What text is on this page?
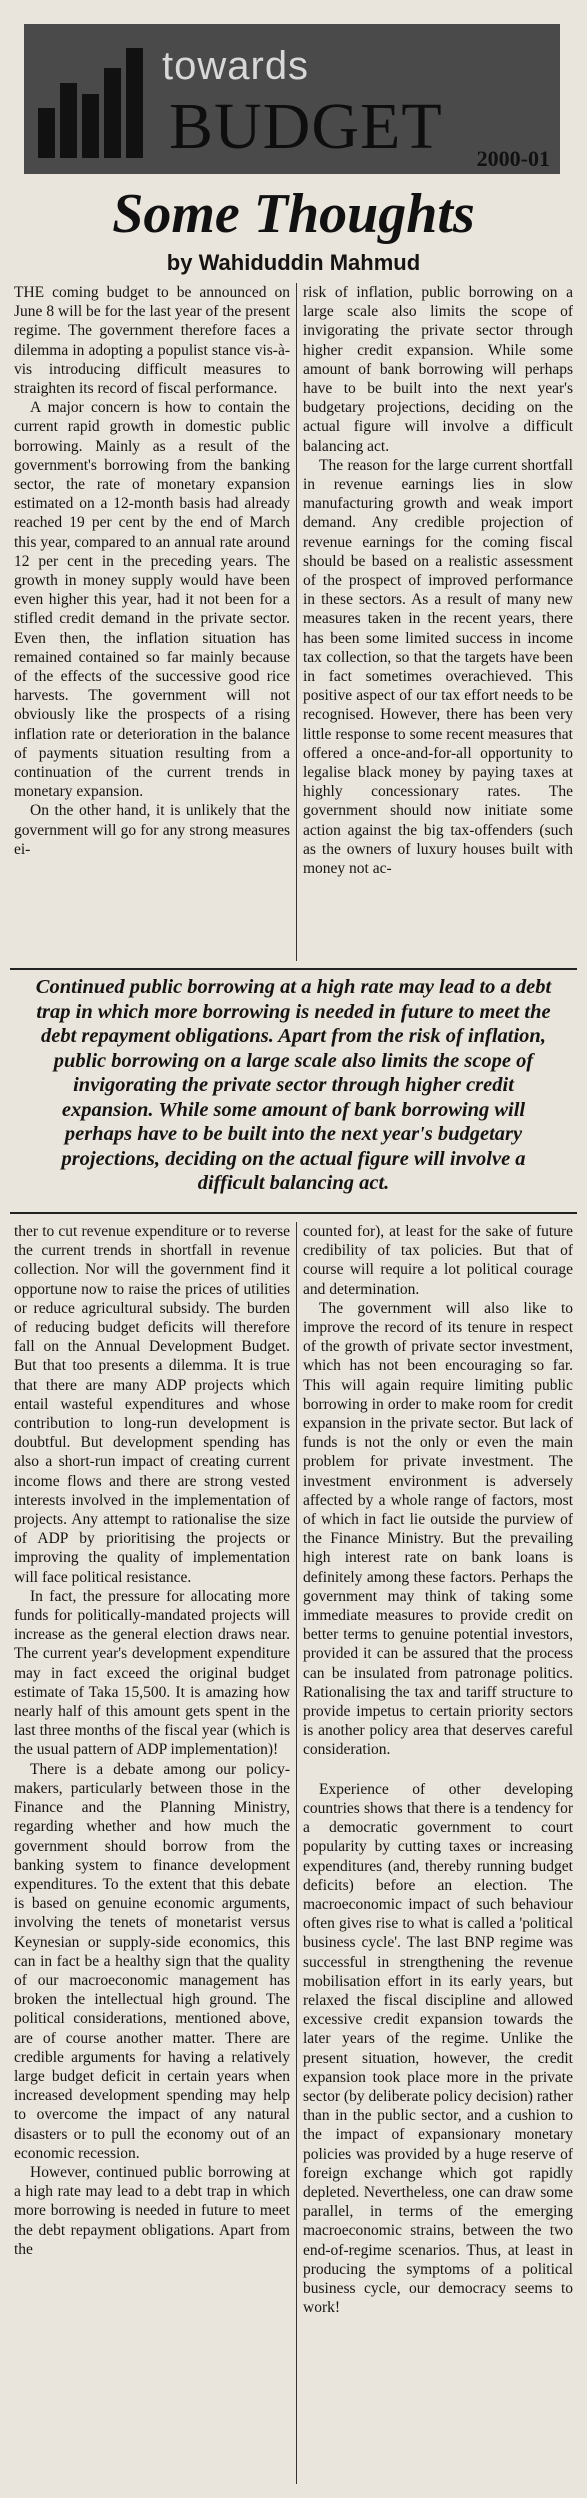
towards
BUDGET 2000-01
Some Thoughts
by Wahiduddin Mahmud

THE coming budget to be announced on June 8 will be for the last year of the present regime. The government therefore faces a dilemma in adopting a populist stance vis-à-vis introducing difficult measures to straighten its record of fiscal performance.

A major concern is how to contain the current rapid growth in domestic public borrowing. Mainly as a result of the government's borrowing from the banking sector, the rate of monetary expansion estimated on a 12-month basis had already reached 19 per cent by the end of March this year, compared to an annual rate around 12 per cent in the preceding years. The growth in money supply would have been even higher this year, had it not been for a stifled credit demand in the private sector. Even then, the inflation situation has remained contained so far mainly because of the effects of the successive good rice harvests. The government will not obviously like the prospects of a rising inflation rate or deterioration in the balance of payments situation resulting from a continuation of the current trends in monetary expansion.

On the other hand, it is unlikely that the government will go for any strong measures ei-

risk of inflation, public borrowing on a large scale also limits the scope of invigorating the private sector through higher credit expansion. While some amount of bank borrowing will perhaps have to be built into the next year's budgetary projections, deciding on the actual figure will involve a difficult balancing act.

The reason for the large current shortfall in revenue earnings lies in slow manufacturing growth and weak import demand. Any credible projection of revenue earnings for the coming fiscal should be based on a realistic assessment of the prospect of improved performance in these sectors. As a result of many new measures taken in the recent years, there has been some limited success in income tax collection, so that the targets have been in fact sometimes overachieved. This positive aspect of our tax effort needs to be recognised. However, there has been very little response to some recent measures that offered a once-and-for-all opportunity to legalise black money by paying taxes at highly concessionary rates. The government should now initiate some action against the big tax-offenders (such as the owners of luxury houses built with money not ac-

Continued public borrowing at a high rate may lead to a debt trap in which more borrowing is needed in future to meet the debt repayment obligations. Apart from the risk of inflation, public borrowing on a large scale also limits the scope of invigorating the private sector through higher credit expansion. While some amount of bank borrowing will perhaps have to be built into the next year's budgetary projections, deciding on the actual figure will involve a difficult balancing act.

ther to cut revenue expenditure or to reverse the current trends in shortfall in revenue collection. Nor will the government find it opportune now to raise the prices of utilities or reduce agricultural subsidy. The burden of reducing budget deficits will therefore fall on the Annual Development Budget. But that too presents a dilemma. It is true that there are many ADP projects which entail wasteful expenditures and whose contribution to long-run development is doubtful. But development spending has also a short-run impact of creating current income flows and there are strong vested interests involved in the implementation of projects. Any attempt to rationalise the size of ADP by prioritising the projects or improving the quality of implementation will face political resistance.

In fact, the pressure for allocating more funds for politically-mandated projects will increase as the general election draws near. The current year's development expenditure may in fact exceed the original budget estimate of Taka 15,500. It is amazing how nearly half of this amount gets spent in the last three months of the fiscal year (which is the usual pattern of ADP implementation)!

There is a debate among our policy-makers, particularly between those in the Finance and the Planning Ministry, regarding whether and how much the government should borrow from the banking system to finance development expenditures. To the extent that this debate is based on genuine economic arguments, involving the tenets of monetarist versus Keynesian or supply-side economics, this can in fact be a healthy sign that the quality of our macroeconomic management has broken the intellectual high ground. The political considerations, mentioned above, are of course another matter. There are credible arguments for having a relatively large budget deficit in certain years when increased development spending may help to overcome the impact of any natural disasters or to pull the economy out of an economic recession.

However, continued public borrowing at a high rate may lead to a debt trap in which more borrowing is needed in future to meet the debt repayment obligations. Apart from the

counted for), at least for the sake of future credibility of tax policies. But that of course will require a lot political courage and determination.

The government will also like to improve the record of its tenure in respect of the growth of private sector investment, which has not been encouraging so far. This will again require limiting public borrowing in order to make room for credit expansion in the private sector. But lack of funds is not the only or even the main problem for private investment. The investment environment is adversely affected by a whole range of factors, most of which in fact lie outside the purview of the Finance Ministry. But the prevailing high interest rate on bank loans is definitely among these factors. Perhaps the government may think of taking some immediate measures to provide credit on better terms to genuine potential investors, provided it can be assured that the process can be insulated from patronage politics. Rationalising the tax and tariff structure to provide impetus to certain priority sectors is another policy area that deserves careful consideration.

Experience of other developing countries shows that there is a tendency for a democratic government to court popularity by cutting taxes or increasing expenditures (and, thereby running budget deficits) before an election. The macroeconomic impact of such behaviour often gives rise to what is called a 'political business cycle'. The last BNP regime was successful in strengthening the revenue mobilisation effort in its early years, but relaxed the fiscal discipline and allowed excessive credit expansion towards the later years of the regime. Unlike the present situation, however, the credit expansion took place more in the private sector (by deliberate policy decision) rather than in the public sector, and a cushion to the impact of expansionary monetary policies was provided by a huge reserve of foreign exchange which got rapidly depleted. Nevertheless, one can draw some parallel, in terms of the emerging macroeconomic strains, between the two end-of-regime scenarios. Thus, at least in producing the symptoms of a political business cycle, our democracy seems to work!
